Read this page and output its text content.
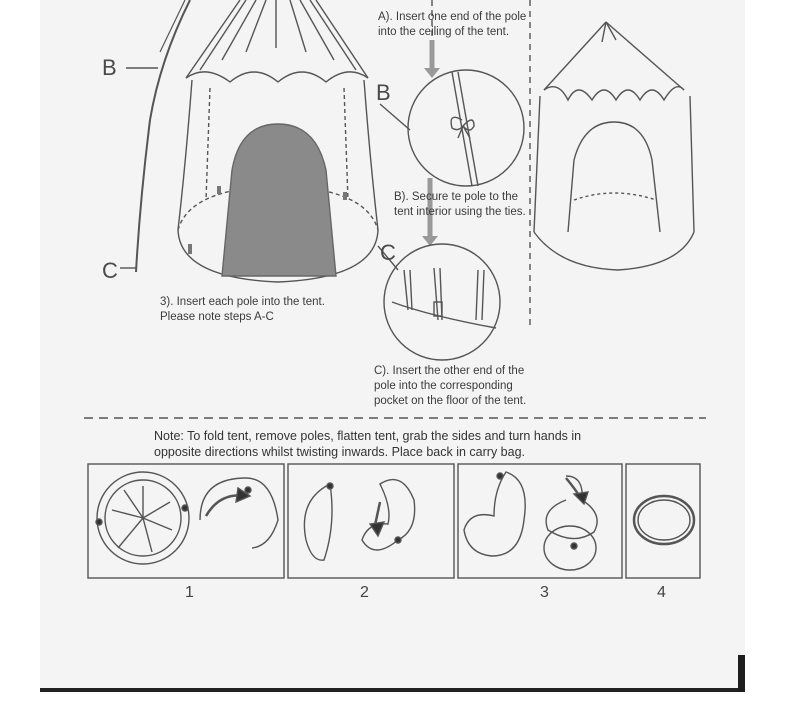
B
C
B
C
A). Insert one end of the pole
into the ceiling of the tent.
B). Secure te pole to the
tent interior using the ties.
C). Insert the other end of the
pole into the corresponding
pocket on the floor of the tent.
3). Insert each pole into the tent.
Please note steps A-C
Note: To fold tent, remove poles, flatten tent, grab the sides and turn hands in
opposite directions whilst twisting inwards. Place back in carry bag.
1	2	3	4
